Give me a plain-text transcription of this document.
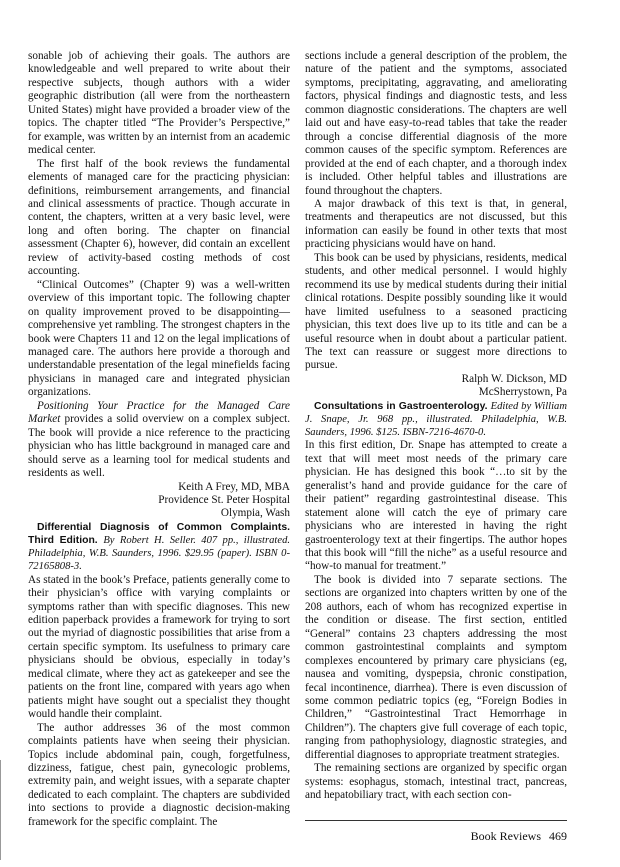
sonable job of achieving their goals. The authors are knowledgeable and well prepared to write about their respective subjects, though authors with a wider geographic distribution (all were from the northeastern United States) might have provided a broader view of the topics. The chapter titled “The Provider’s Perspective,” for example, was written by an internist from an academic medical center.

The first half of the book reviews the fundamental elements of managed care for the practicing physician: definitions, reimbursement arrangements, and financial and clinical assessments of practice. Though accurate in content, the chapters, written at a very basic level, were long and often boring. The chapter on financial assessment (Chapter 6), however, did contain an excellent review of activity-based costing methods of cost accounting.

“Clinical Outcomes” (Chapter 9) was a well-written overview of this important topic. The following chapter on quality improvement proved to be disappointing—comprehensive yet rambling. The strongest chapters in the book were Chapters 11 and 12 on the legal implications of managed care. The authors here provide a thorough and understandable presentation of the legal minefields facing physicians in managed care and integrated physician organizations.

Positioning Your Practice for the Managed Care Market provides a solid overview on a complex subject. The book will provide a nice reference to the practicing physician who has little background in managed care and should serve as a learning tool for medical students and residents as well.

Keith A Frey, MD, MBA

Providence St. Peter Hospital

Olympia, Wash

Differential Diagnosis of Common Complaints. Third Edition. By Robert H. Seller. 407 pp., illustrated. Philadelphia, W.B. Saunders, 1996. $29.95 (paper). ISBN 0-72165808-3.

As stated in the book’s Preface, patients generally come to their physician’s office with varying complaints or symptoms rather than with specific diagnoses. This new edition paperback provides a framework for trying to sort out the myriad of diagnostic possibilities that arise from a certain specific symptom. Its usefulness to primary care physicians should be obvious, especially in today’s medical climate, where they act as gatekeeper and see the patients on the front line, compared with years ago when patients might have sought out a specialist they thought would handle their complaint.

The author addresses 36 of the most common complaints patients have when seeing their physician. Topics include abdominal pain, cough, forgetfulness, dizziness, fatigue, chest pain, gynecologic problems, extremity pain, and weight issues, with a separate chapter dedicated to each complaint. The chapters are subdivided into sections to provide a diagnostic decision-making framework for the specific complaint. The

sections include a general description of the problem, the nature of the patient and the symptoms, associated symptoms, precipitating, aggravating, and ameliorating factors, physical findings and diagnostic tests, and less common diagnostic considerations. The chapters are well laid out and have easy-to-read tables that take the reader through a concise differential diagnosis of the more common causes of the specific symptom. References are provided at the end of each chapter, and a thorough index is included. Other helpful tables and illustrations are found throughout the chapters.

A major drawback of this text is that, in general, treatments and therapeutics are not discussed, but this information can easily be found in other texts that most practicing physicians would have on hand.

This book can be used by physicians, residents, medical students, and other medical personnel. I would highly recommend its use by medical students during their initial clinical rotations. Despite possibly sounding like it would have limited usefulness to a seasoned practicing physician, this text does live up to its title and can be a useful resource when in doubt about a particular patient. The text can reassure or suggest more directions to pursue.

Ralph W. Dickson, MD

McSherrystown, Pa

Consultations in Gastroenterology. Edited by William J. Snape, Jr. 968 pp., illustrated. Philadelphia, W.B. Saunders, 1996. $125. ISBN-7216-4670-0.

In this first edition, Dr. Snape has attempted to create a text that will meet most needs of the primary care physician. He has designed this book “…to sit by the generalist’s hand and provide guidance for the care of their patient” regarding gastrointestinal disease. This statement alone will catch the eye of primary care physicians who are interested in having the right gastroenterology text at their fingertips. The author hopes that this book will “fill the niche” as a useful resource and “how-to manual for treatment.”

The book is divided into 7 separate sections. The sections are organized into chapters written by one of the 208 authors, each of whom has recognized expertise in the condition or disease. The first section, entitled “General” contains 23 chapters addressing the most common gastrointestinal complaints and symptom complexes encountered by primary care physicians (eg, nausea and vomiting, dyspepsia, chronic constipation, fecal incontinence, diarrhea). There is even discussion of some common pediatric topics (eg, “Foreign Bodies in Children,” “Gastrointestinal Tract Hemorrhage in Children”). The chapters give full coverage of each topic, ranging from pathophysiology, diagnostic strategies, and differential diagnoses to appropriate treatment strategies.

The remaining sections are organized by specific organ systems: esophagus, stomach, intestinal tract, pancreas, and hepatobiliary tract, with each section con-

Book Reviews 469
